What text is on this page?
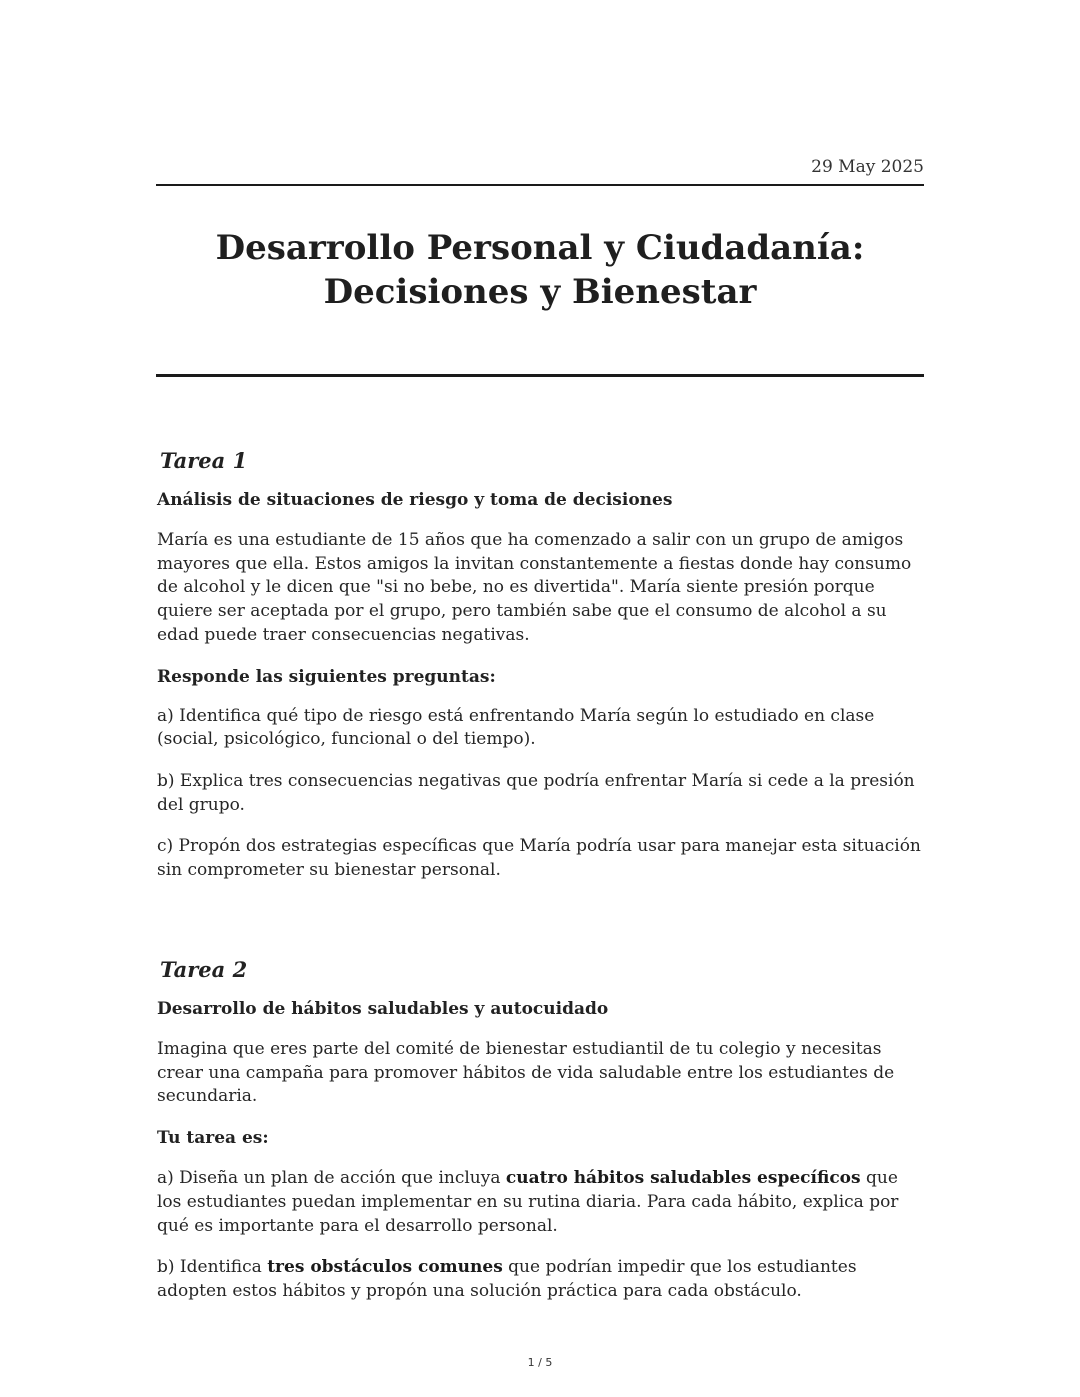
29 May 2025
Desarrollo Personal y Ciudadanía: Decisiones y Bienestar
Tarea 1
Análisis de situaciones de riesgo y toma de decisiones

María es una estudiante de 15 años que ha comenzado a salir con un grupo de amigos mayores que ella. Estos amigos la invitan constantemente a fiestas donde hay consumo de alcohol y le dicen que "si no bebe, no es divertida". María siente presión porque quiere ser aceptada por el grupo, pero también sabe que el consumo de alcohol a su edad puede traer consecuencias negativas.

Responde las siguientes preguntas:

a) Identifica qué tipo de riesgo está enfrentando María según lo estudiado en clase (social, psicológico, funcional o del tiempo).

b) Explica tres consecuencias negativas que podría enfrentar María si cede a la presión del grupo.

c) Propón dos estrategias específicas que María podría usar para manejar esta situación sin comprometer su bienestar personal.

Tarea 2
Desarrollo de hábitos saludables y autocuidado

Imagina que eres parte del comité de bienestar estudiantil de tu colegio y necesitas crear una campaña para promover hábitos de vida saludable entre los estudiantes de secundaria.

Tu tarea es:

a) Diseña un plan de acción que incluya cuatro hábitos saludables específicos que los estudiantes puedan implementar en su rutina diaria. Para cada hábito, explica por qué es importante para el desarrollo personal.

b) Identifica tres obstáculos comunes que podrían impedir que los estudiantes adopten estos hábitos y propón una solución práctica para cada obstáculo.

1 / 5
